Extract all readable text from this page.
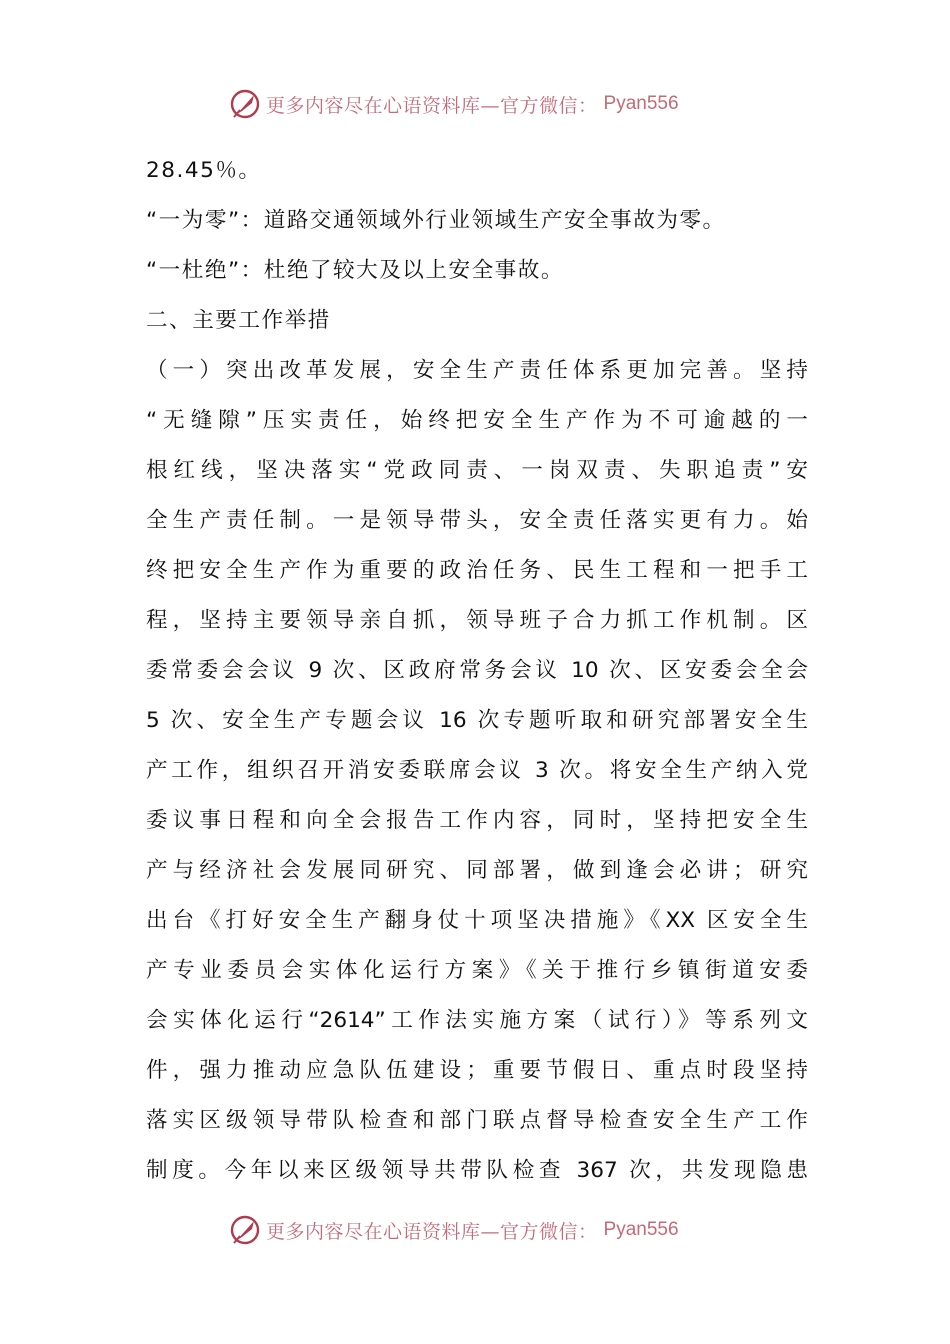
更多内容尽在心语资料库—官方微信： Pyan556
28.45％。
“一为零”：道路交通领域外行业领域生产安全事故为零。
“一杜绝”：杜绝了较大及以上安全事故。
二、主要工作举措
（一）突出改革发展，安全生产责任体系更加完善。坚持
“无缝隙”压实责任，始终把安全生产作为不可逾越的一
根红线，坚决落实“党政同责、一岗双责、失职追责”安
全生产责任制。一是领导带头，安全责任落实更有力。始
终把安全生产作为重要的政治任务、民生工程和一把手工
程，坚持主要领导亲自抓，领导班子合力抓工作机制。区
委常委会会议 9 次、区政府常务会议 10 次、区安委会全会
5 次、安全生产专题会议 16 次专题听取和研究部署安全生
产工作，组织召开消安委联席会议 3 次。将安全生产纳入党
委议事日程和向全会报告工作内容，同时，坚持把安全生
产与经济社会发展同研究、同部署，做到逢会必讲；研究
出台《打好安全生产翻身仗十项坚决措施》《XX 区安全生
产专业委员会实体化运行方案》《关于推行乡镇街道安委
会实体化运行“2614”工作法实施方案（试行）》等系列文
件，强力推动应急队伍建设；重要节假日、重点时段坚持
落实区级领导带队检查和部门联点督导检查安全生产工作
制度。今年以来区级领导共带队检查 367 次，共发现隐患
更多内容尽在心语资料库—官方微信： Pyan556
